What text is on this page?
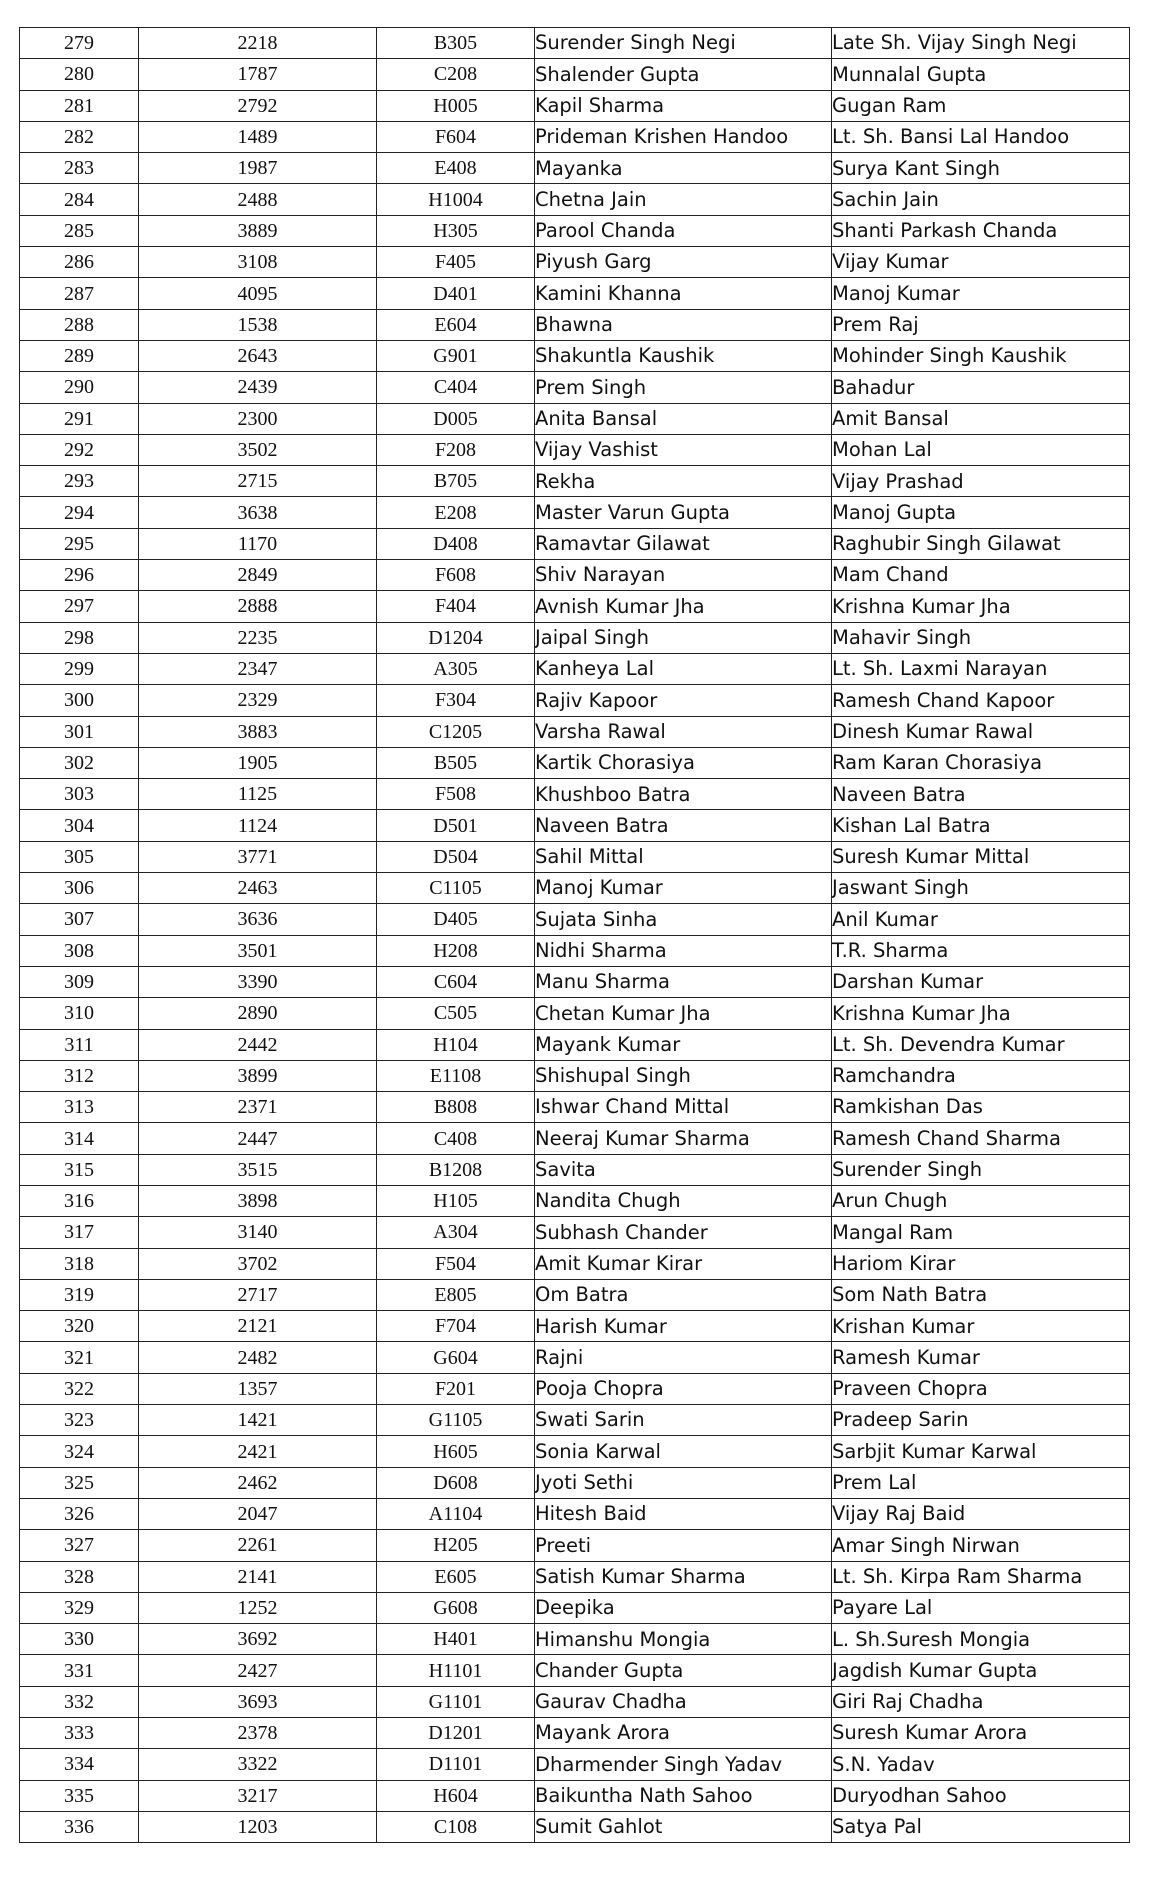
279	2218	B305	Surender Singh Negi	Late Sh. Vijay Singh Negi
280	1787	C208	Shalender Gupta	Munnalal Gupta
281	2792	H005	Kapil Sharma	Gugan Ram
282	1489	F604	Prideman Krishen Handoo	Lt. Sh. Bansi Lal Handoo
283	1987	E408	Mayanka	Surya Kant Singh
284	2488	H1004	Chetna Jain	Sachin Jain
285	3889	H305	Parool Chanda	Shanti Parkash Chanda
286	3108	F405	Piyush Garg	Vijay Kumar
287	4095	D401	Kamini Khanna	Manoj Kumar
288	1538	E604	Bhawna	Prem Raj
289	2643	G901	Shakuntla Kaushik	Mohinder Singh Kaushik
290	2439	C404	Prem Singh	Bahadur
291	2300	D005	Anita Bansal	Amit Bansal
292	3502	F208	Vijay Vashist	Mohan Lal
293	2715	B705	Rekha	Vijay Prashad
294	3638	E208	Master Varun Gupta	Manoj Gupta
295	1170	D408	Ramavtar Gilawat	Raghubir Singh Gilawat
296	2849	F608	Shiv Narayan	Mam Chand
297	2888	F404	Avnish Kumar Jha	Krishna Kumar Jha
298	2235	D1204	Jaipal Singh	Mahavir Singh
299	2347	A305	Kanheya Lal	Lt. Sh. Laxmi Narayan
300	2329	F304	Rajiv Kapoor	Ramesh Chand Kapoor
301	3883	C1205	Varsha Rawal	Dinesh Kumar Rawal
302	1905	B505	Kartik Chorasiya	Ram Karan Chorasiya
303	1125	F508	Khushboo Batra	Naveen Batra
304	1124	D501	Naveen Batra	Kishan Lal Batra
305	3771	D504	Sahil Mittal	Suresh Kumar Mittal
306	2463	C1105	Manoj Kumar	Jaswant Singh
307	3636	D405	Sujata Sinha	Anil Kumar
308	3501	H208	Nidhi Sharma	T.R. Sharma
309	3390	C604	Manu Sharma	Darshan Kumar
310	2890	C505	Chetan Kumar Jha	Krishna Kumar Jha
311	2442	H104	Mayank Kumar	Lt. Sh. Devendra Kumar
312	3899	E1108	Shishupal Singh	Ramchandra
313	2371	B808	Ishwar Chand Mittal	Ramkishan Das
314	2447	C408	Neeraj Kumar Sharma	Ramesh Chand Sharma
315	3515	B1208	Savita	Surender Singh
316	3898	H105	Nandita Chugh	Arun Chugh
317	3140	A304	Subhash Chander	Mangal Ram
318	3702	F504	Amit Kumar Kirar	Hariom Kirar
319	2717	E805	Om Batra	Som Nath Batra
320	2121	F704	Harish Kumar	Krishan Kumar
321	2482	G604	Rajni	Ramesh Kumar
322	1357	F201	Pooja Chopra	Praveen Chopra
323	1421	G1105	Swati Sarin	Pradeep Sarin
324	2421	H605	Sonia Karwal	Sarbjit Kumar Karwal
325	2462	D608	Jyoti Sethi	Prem Lal
326	2047	A1104	Hitesh Baid	Vijay Raj Baid
327	2261	H205	Preeti	Amar Singh Nirwan
328	2141	E605	Satish Kumar Sharma	Lt. Sh. Kirpa Ram Sharma
329	1252	G608	Deepika	Payare Lal
330	3692	H401	Himanshu Mongia	L. Sh.Suresh Mongia
331	2427	H1101	Chander Gupta	Jagdish Kumar Gupta
332	3693	G1101	Gaurav Chadha	Giri Raj Chadha
333	2378	D1201	Mayank Arora	Suresh Kumar Arora
334	3322	D1101	Dharmender Singh Yadav	S.N. Yadav
335	3217	H604	Baikuntha Nath Sahoo	Duryodhan Sahoo
336	1203	C108	Sumit Gahlot	Satya Pal
